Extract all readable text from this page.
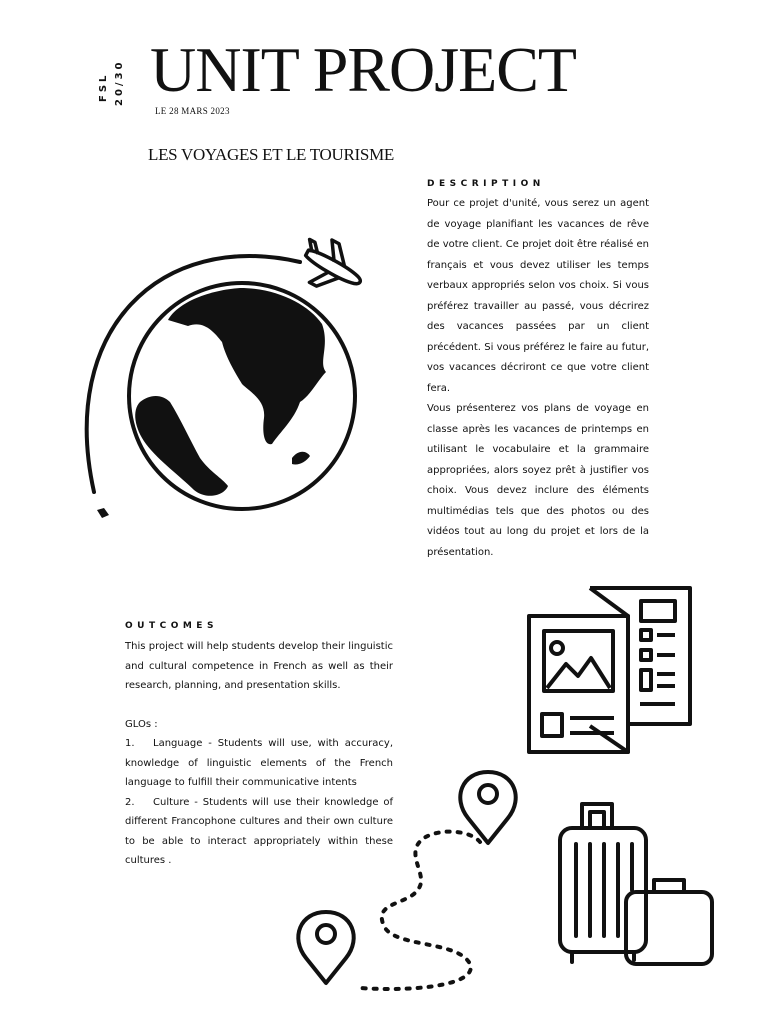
FSL 20/30 UNIT PROJECT
LE 28 MARS 2023
LES VOYAGES ET LE TOURISME
DESCRIPTION

Pour ce projet d'unité, vous serez un agent de voyage planifiant les vacances de rêve de votre client. Ce projet doit être réalisé en français et vous devez utiliser les temps verbaux appropriés selon vos choix. Si vous préférez travailler au passé, vous décrirez des vacances passées par un client précédent. Si vous préférez le faire au futur, vos vacances décriront ce que votre client fera.

Vous présenterez vos plans de voyage en classe après les vacances de printemps en utilisant le vocabulaire et la grammaire appropriées, alors soyez prêt à justifier vos choix. Vous devez inclure des éléments multimédias tels que des photos ou des vidéos tout au long du projet et lors de la présentation.

OUTCOMES

This project will help students develop their linguistic and cultural competence in French as well as their research, planning, and presentation skills.

GLOs :

1. Language - Students will use, with accuracy, knowledge of linguistic elements of the French language to fulfill their communicative intents

2. Culture - Students will use their knowledge of different Francophone cultures and their own culture to be able to interact appropriately within these cultures .
